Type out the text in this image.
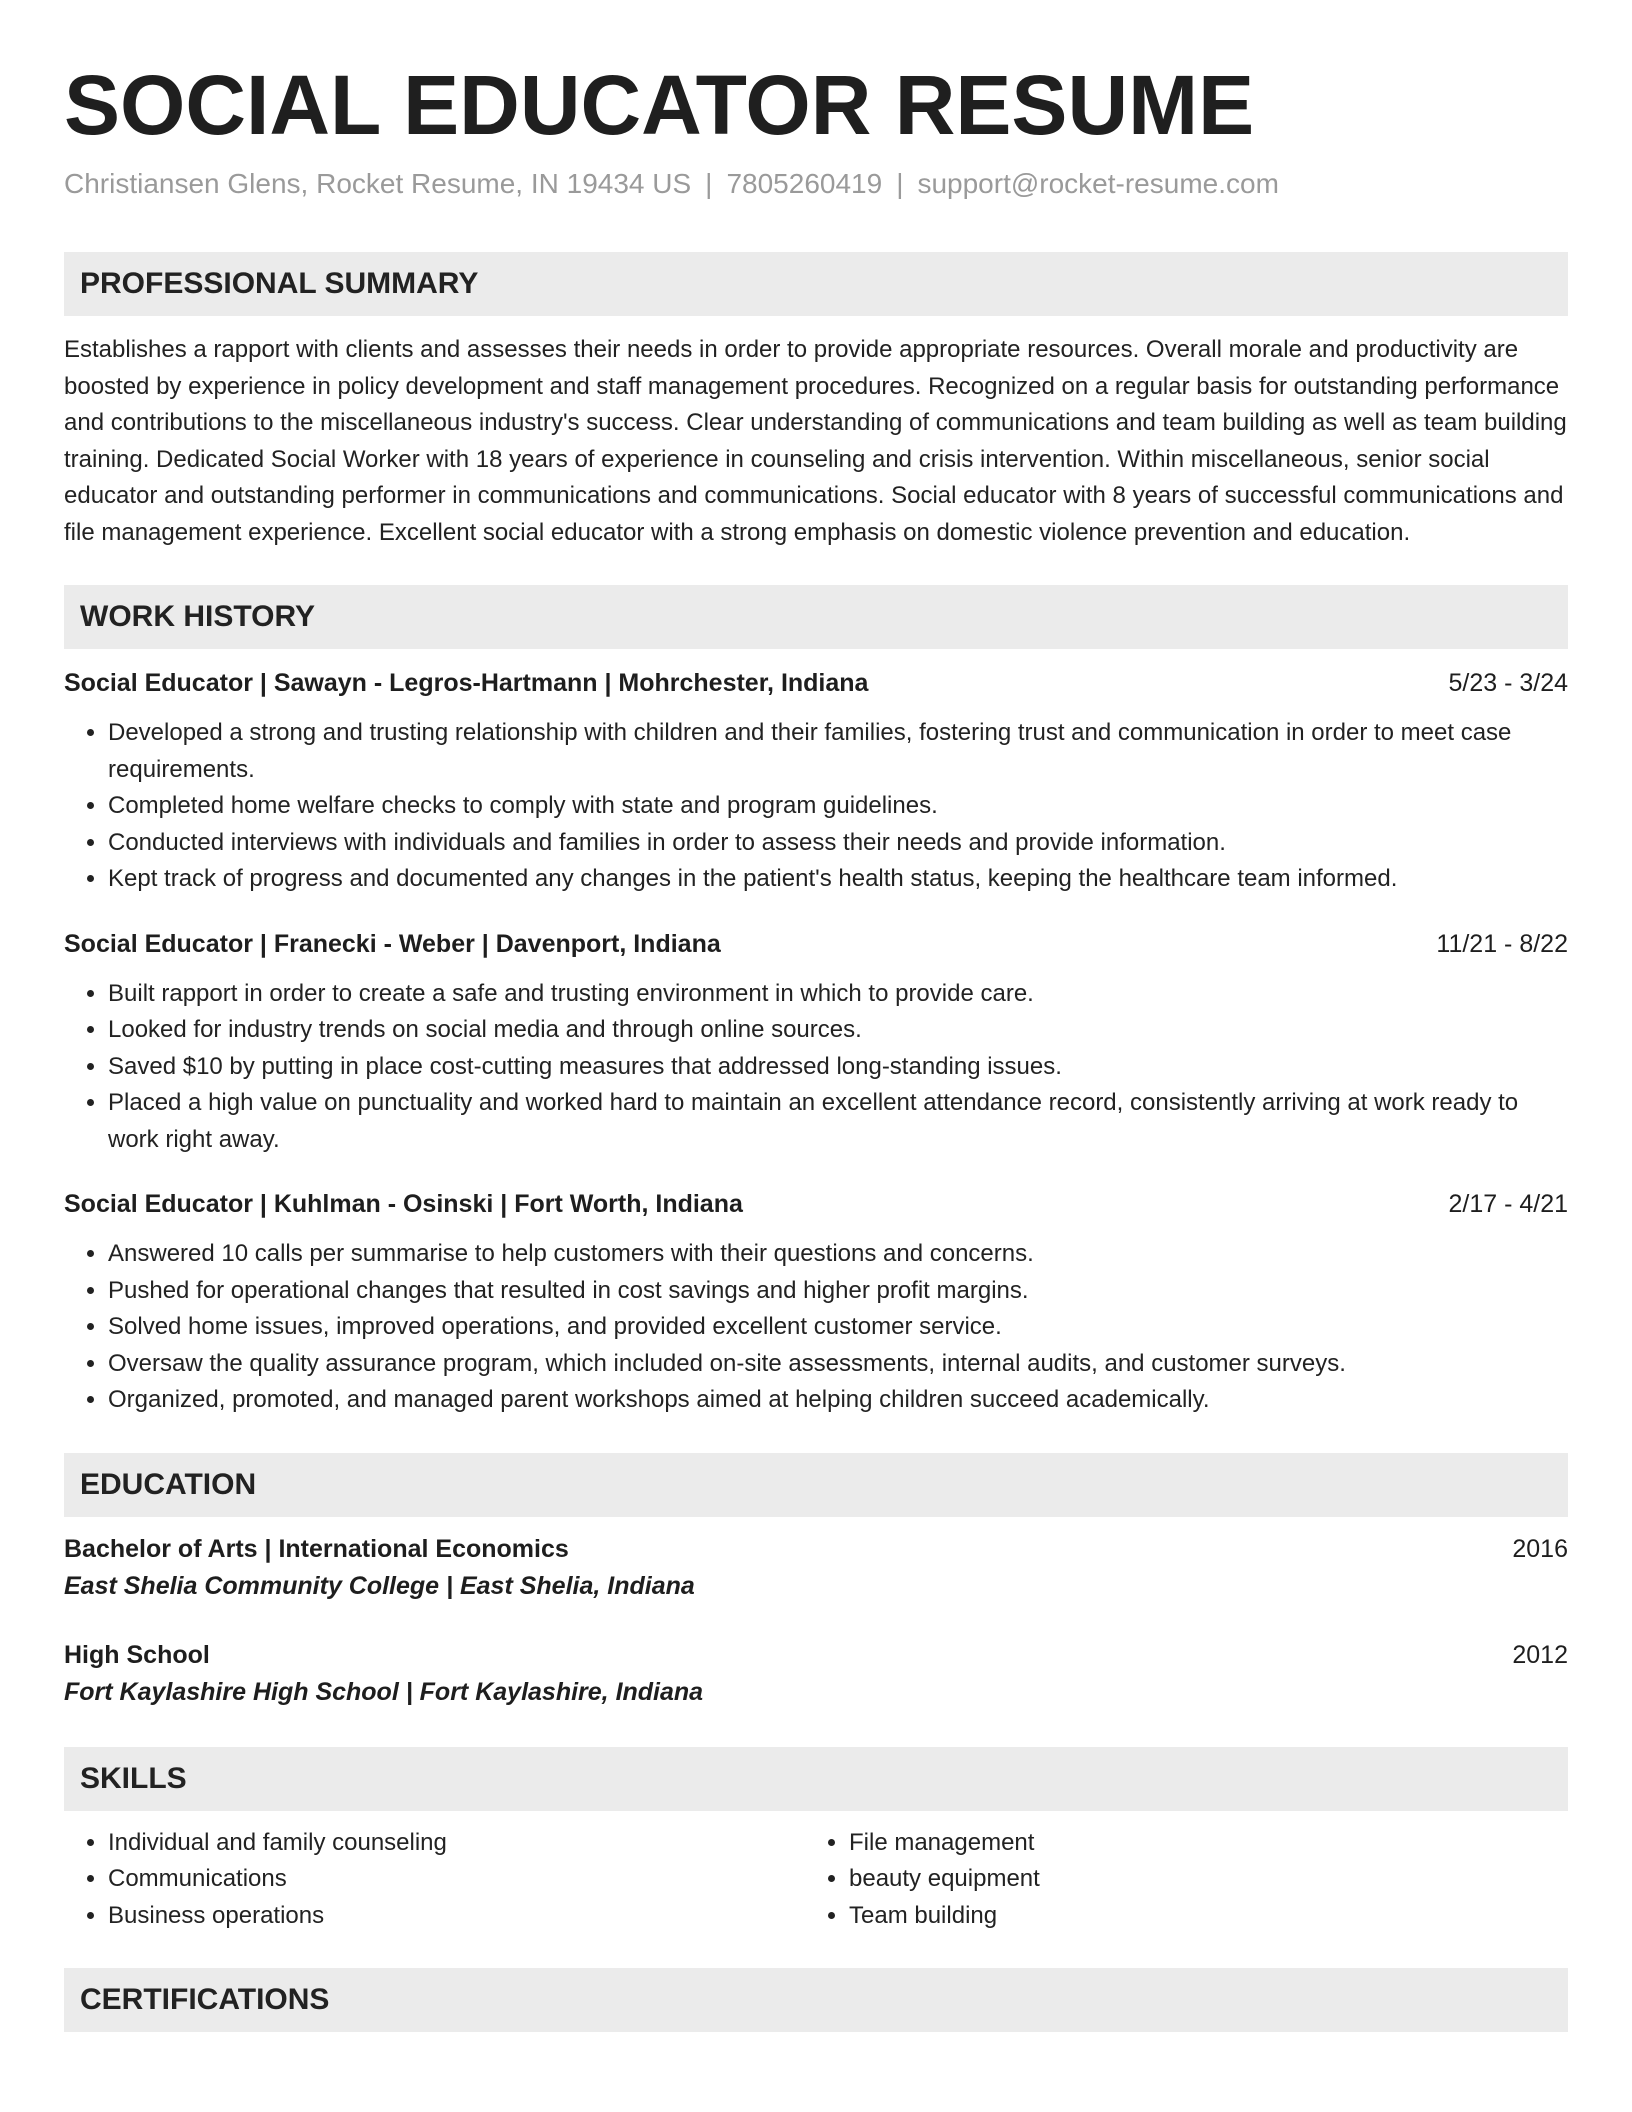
SOCIAL EDUCATOR RESUME
Christiansen Glens, Rocket Resume, IN 19434 US | 7805260419 | support@rocket-resume.com
PROFESSIONAL SUMMARY

Establishes a rapport with clients and assesses their needs in order to provide appropriate resources. Overall morale and productivity are boosted by experience in policy development and staff management procedures. Recognized on a regular basis for outstanding performance and contributions to the miscellaneous industry's success. Clear understanding of communications and team building as well as team building training. Dedicated Social Worker with 18 years of experience in counseling and crisis intervention. Within miscellaneous, senior social educator and outstanding performer in communications and communications. Social educator with 8 years of successful communications and file management experience. Excellent social educator with a strong emphasis on domestic violence prevention and education.

WORK HISTORY
Social Educator | Sawayn - Legros-Hartmann | Mohrchester, Indiana	5/23 - 3/24
• Developed a strong and trusting relationship with children and their families, fostering trust and communication in order to meet case requirements.
• Completed home welfare checks to comply with state and program guidelines.
• Conducted interviews with individuals and families in order to assess their needs and provide information.
• Kept track of progress and documented any changes in the patient's health status, keeping the healthcare team informed.
Social Educator | Franecki - Weber | Davenport, Indiana	11/21 - 8/22
• Built rapport in order to create a safe and trusting environment in which to provide care.
• Looked for industry trends on social media and through online sources.
• Saved $10 by putting in place cost-cutting measures that addressed long-standing issues.
• Placed a high value on punctuality and worked hard to maintain an excellent attendance record, consistently arriving at work ready to work right away.
Social Educator | Kuhlman - Osinski | Fort Worth, Indiana	2/17 - 4/21
• Answered 10 calls per summarise to help customers with their questions and concerns.
• Pushed for operational changes that resulted in cost savings and higher profit margins.
• Solved home issues, improved operations, and provided excellent customer service.
• Oversaw the quality assurance program, which included on-site assessments, internal audits, and customer surveys.
• Organized, promoted, and managed parent workshops aimed at helping children succeed academically.
EDUCATION
Bachelor of Arts | International Economics	2016
East Shelia Community College | East Shelia, Indiana
High School	2012
Fort Kaylashire High School | Fort Kaylashire, Indiana
SKILLS
• Individual and family counseling
• Communications
• Business operations
• File management
• beauty equipment
• Team building
CERTIFICATIONS
